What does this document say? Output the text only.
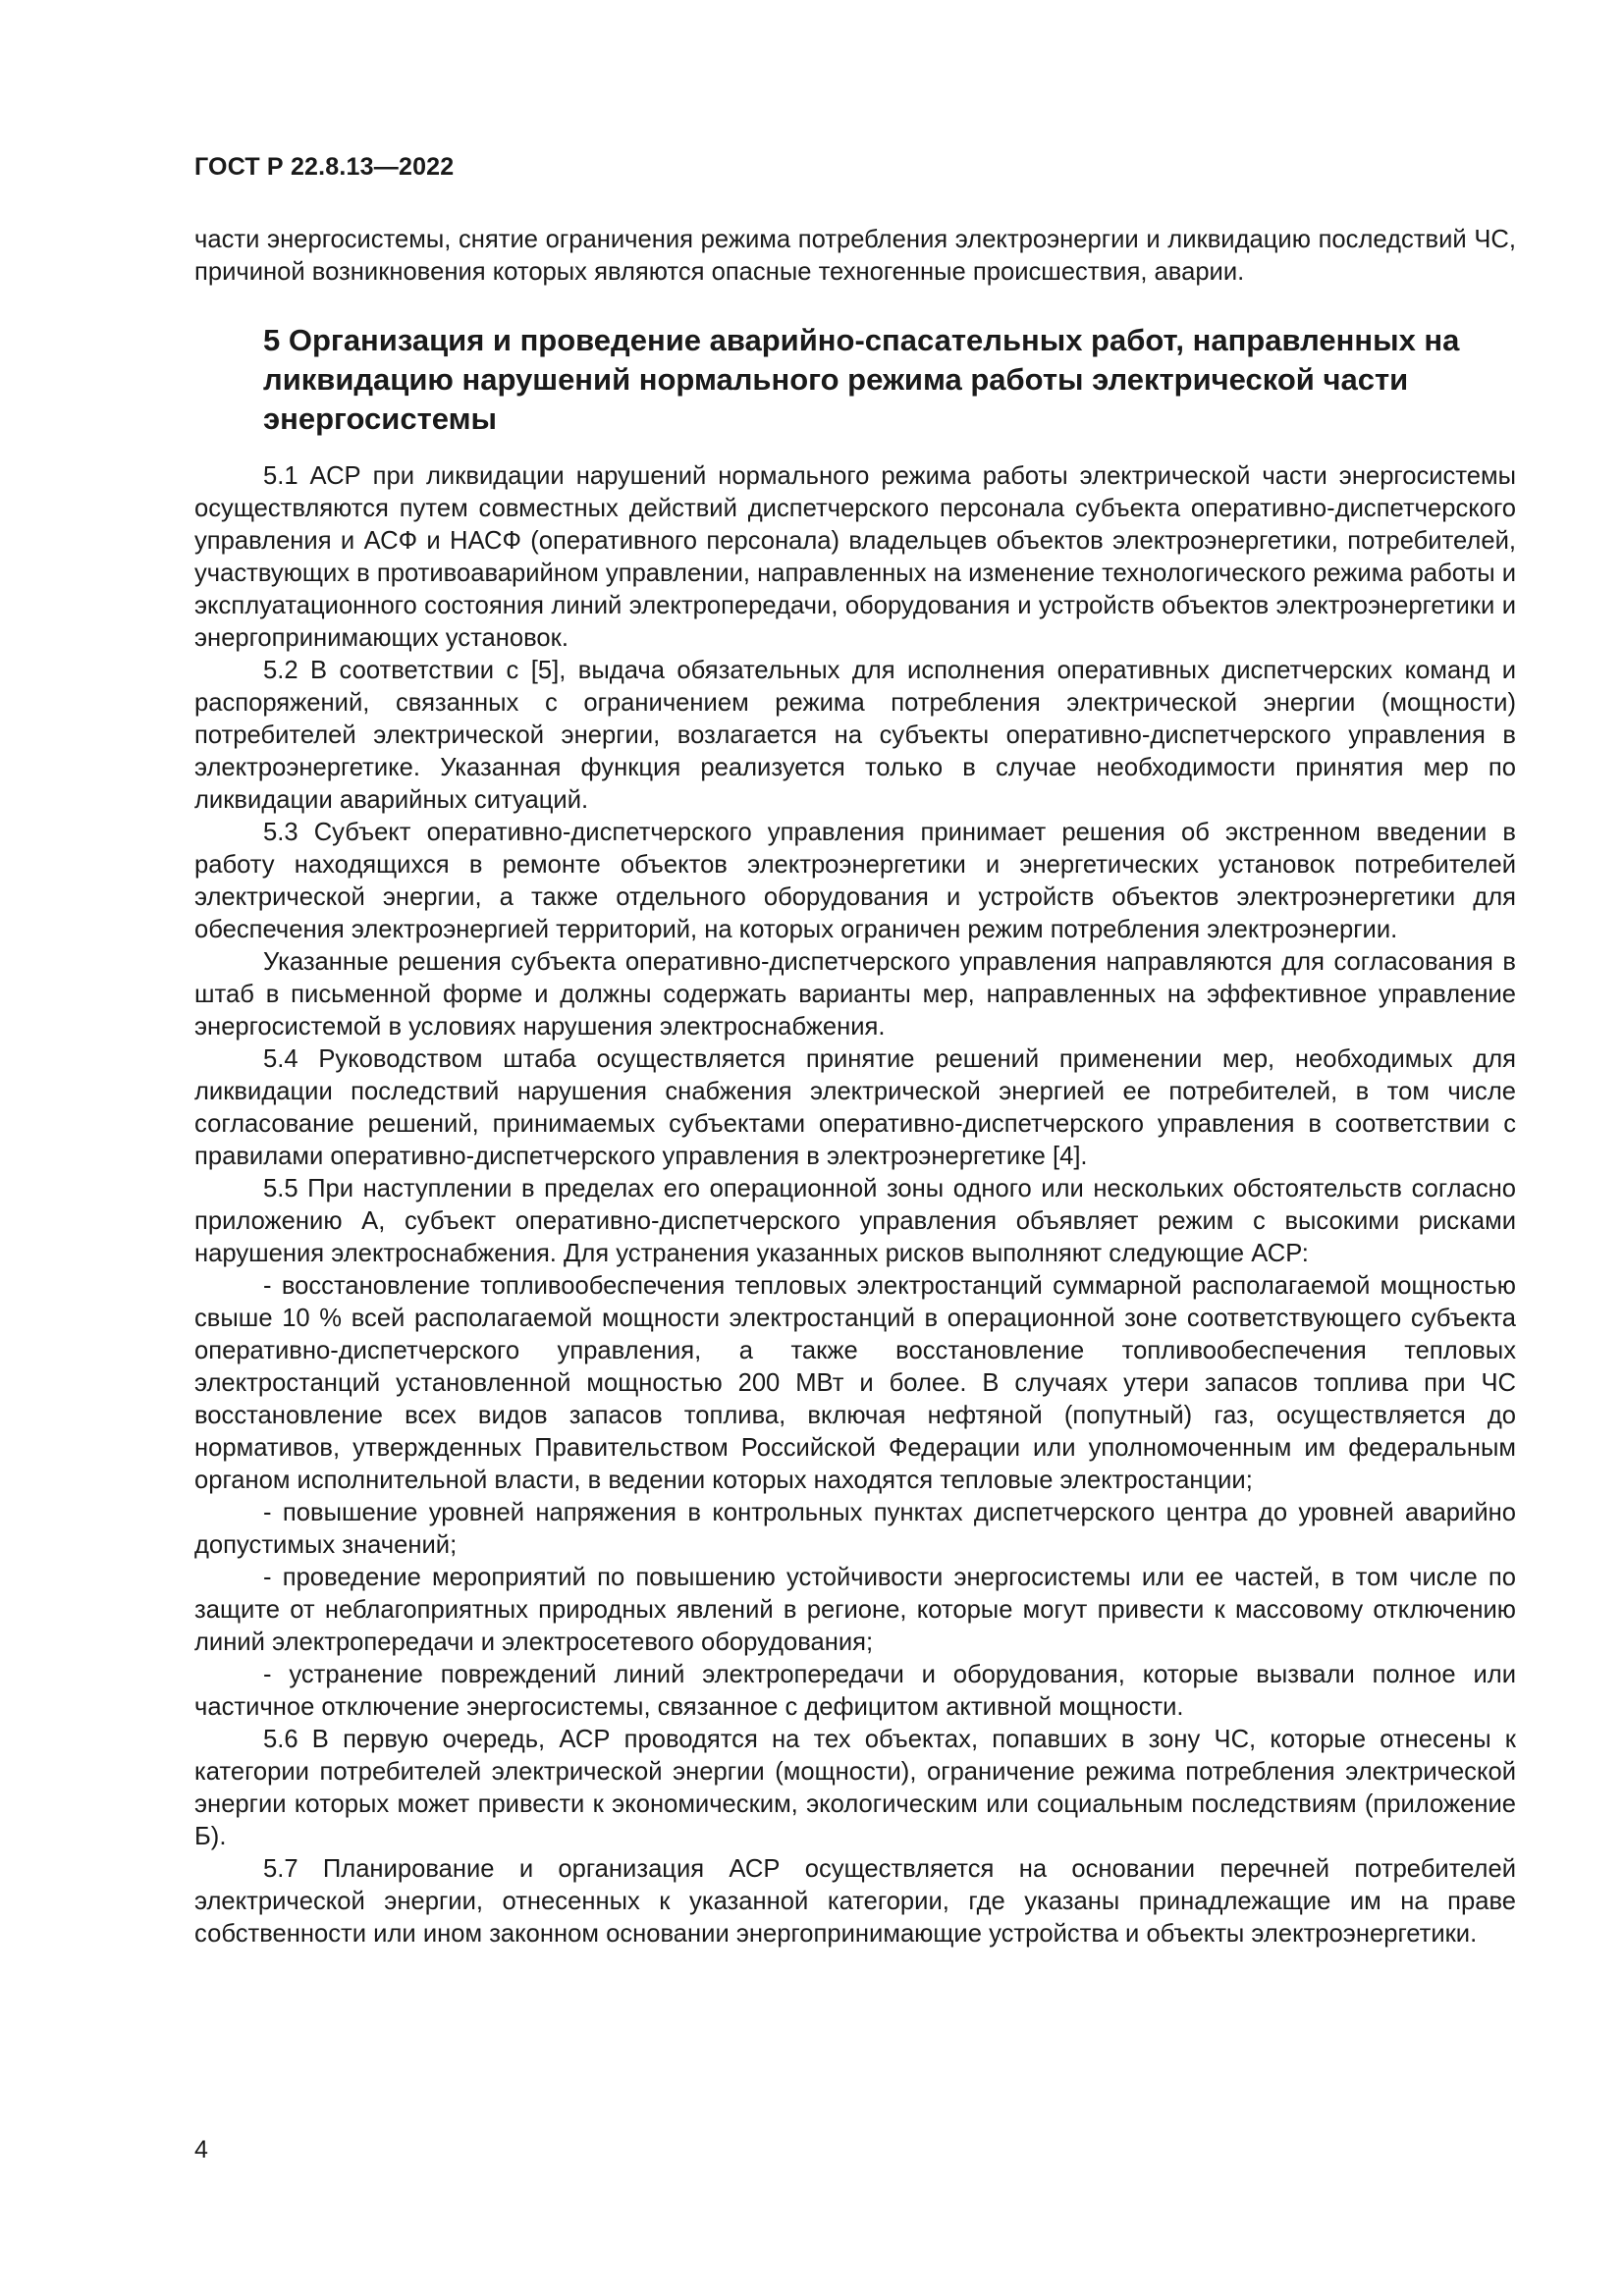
ГОСТ Р 22.8.13—2022

части энергосистемы, снятие ограничения режима потребления электроэнергии и ликвидацию последствий ЧС, причиной возникновения которых являются опасные техногенные происшествия, аварии.

5 Организация и проведение аварийно-спасательных работ, направленных на ликвидацию нарушений нормального режима работы электрической части энергосистемы

5.1 АСР при ликвидации нарушений нормального режима работы электрической части энергосистемы осуществляются путем совместных действий диспетчерского персонала субъекта оперативно-диспетчерского управления и АСФ и НАСФ (оперативного персонала) владельцев объектов электроэнергетики, потребителей, участвующих в противоаварийном управлении, направленных на изменение технологического режима работы и эксплуатационного состояния линий электропередачи, оборудования и устройств объектов электроэнергетики и энергопринимающих установок.

5.2 В соответствии с [5], выдача обязательных для исполнения оперативных диспетчерских команд и распоряжений, связанных с ограничением режима потребления электрической энергии (мощности) потребителей электрической энергии, возлагается на субъекты оперативно-диспетчерского управления в электроэнергетике. Указанная функция реализуется только в случае необходимости принятия мер по ликвидации аварийных ситуаций.

5.3 Субъект оперативно-диспетчерского управления принимает решения об экстренном введении в работу находящихся в ремонте объектов электроэнергетики и энергетических установок потребителей электрической энергии, а также отдельного оборудования и устройств объектов электроэнергетики для обеспечения электроэнергией территорий, на которых ограничен режим потребления электроэнергии.

Указанные решения субъекта оперативно-диспетчерского управления направляются для согласования в штаб в письменной форме и должны содержать варианты мер, направленных на эффективное управление энергосистемой в условиях нарушения электроснабжения.

5.4 Руководством штаба осуществляется принятие решений применении мер, необходимых для ликвидации последствий нарушения снабжения электрической энергией ее потребителей, в том числе согласование решений, принимаемых субъектами оперативно-диспетчерского управления в соответствии с правилами оперативно-диспетчерского управления в электроэнергетике [4].

5.5 При наступлении в пределах его операционной зоны одного или нескольких обстоятельств согласно приложению А, субъект оперативно-диспетчерского управления объявляет режим с высокими рисками нарушения электроснабжения. Для устранения указанных рисков выполняют следующие АСР:

- восстановление топливообеспечения тепловых электростанций суммарной располагаемой мощностью свыше 10 % всей располагаемой мощности электростанций в операционной зоне соответствующего субъекта оперативно-диспетчерского управления, а также восстановление топливообеспечения тепловых электростанций установленной мощностью 200 МВт и более. В случаях утери запасов топлива при ЧС восстановление всех видов запасов топлива, включая нефтяной (попутный) газ, осуществляется до нормативов, утвержденных Правительством Российской Федерации или уполномоченным им федеральным органом исполнительной власти, в ведении которых находятся тепловые электростанции;

- повышение уровней напряжения в контрольных пунктах диспетчерского центра до уровней аварийно допустимых значений;

- проведение мероприятий по повышению устойчивости энергосистемы или ее частей, в том числе по защите от неблагоприятных природных явлений в регионе, которые могут привести к массовому отключению линий электропередачи и электросетевого оборудования;

- устранение повреждений линий электропередачи и оборудования, которые вызвали полное или частичное отключение энергосистемы, связанное с дефицитом активной мощности.

5.6 В первую очередь, АСР проводятся на тех объектах, попавших в зону ЧС, которые отнесены к категории потребителей электрической энергии (мощности), ограничение режима потребления электрической энергии которых может привести к экономическим, экологическим или социальным последствиям (приложение Б).

5.7 Планирование и организация АСР осуществляется на основании перечней потребителей электрической энергии, отнесенных к указанной категории, где указаны принадлежащие им на праве собственности или ином законном основании энергопринимающие устройства и объекты электроэнергетики.

4
